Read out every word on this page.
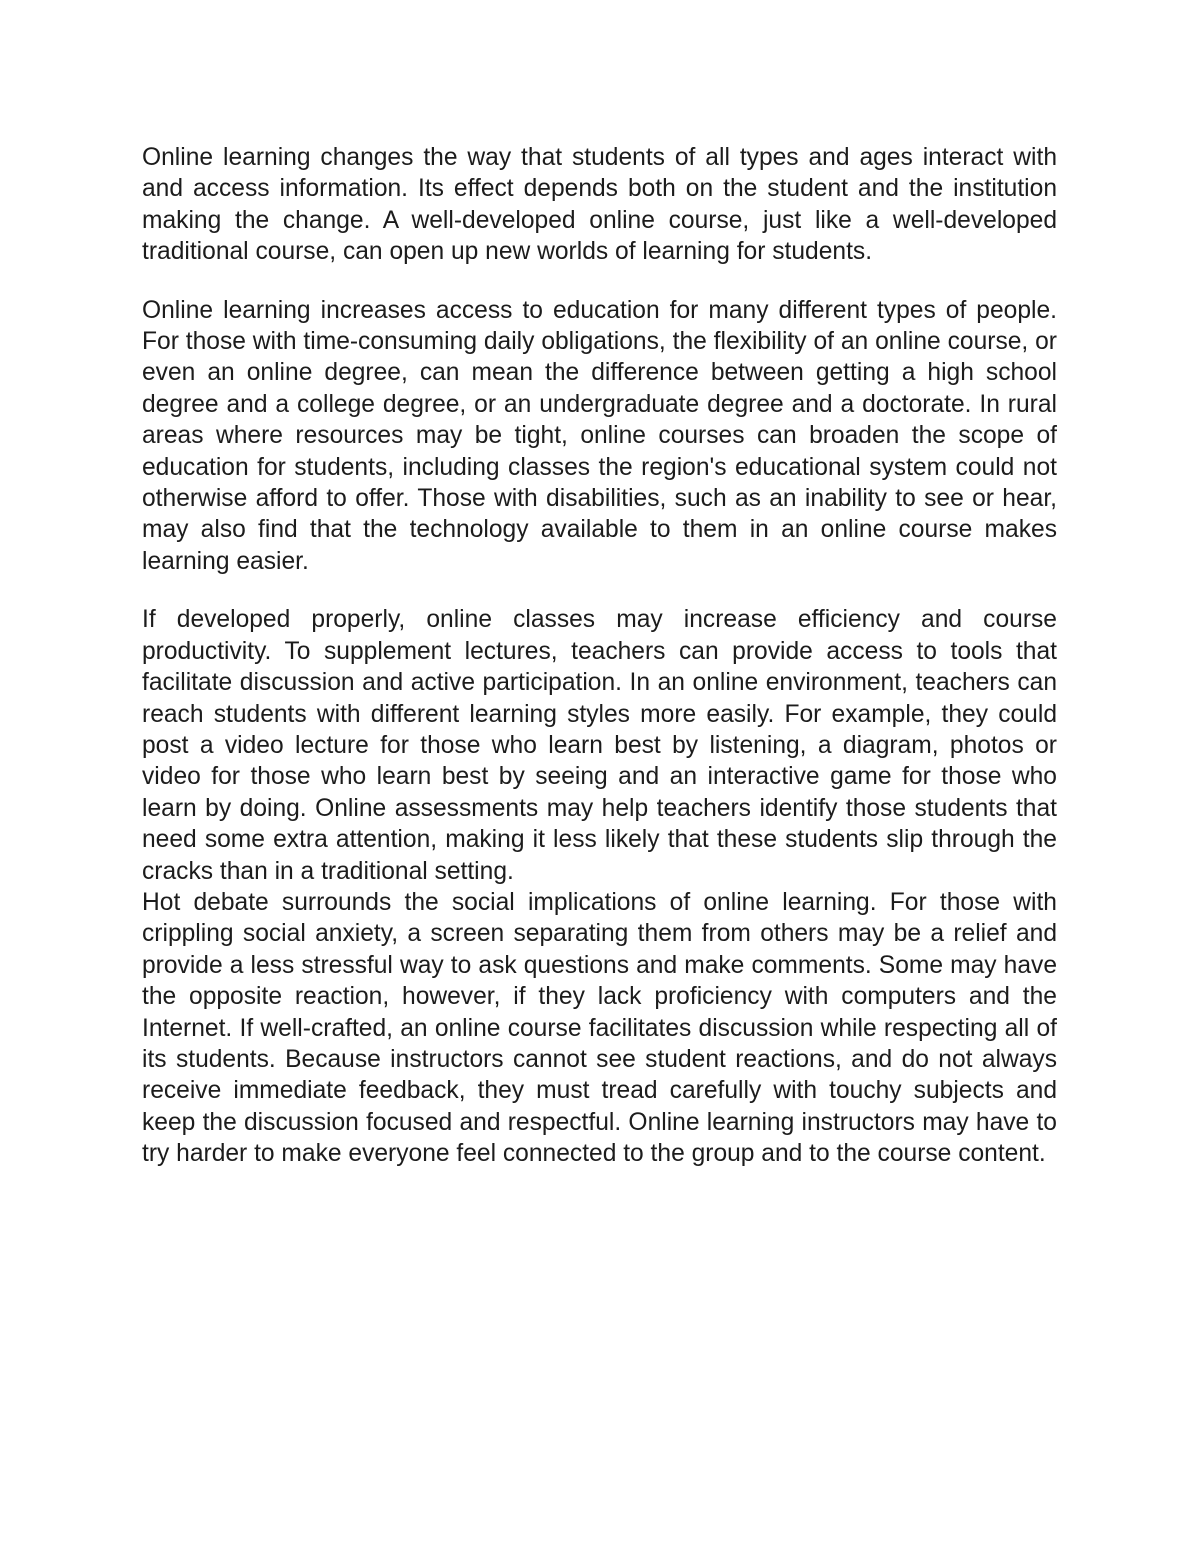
Online learning changes the way that students of all types and ages interact with and access information. Its effect depends both on the student and the institution making the change. A well-developed online course, just like a well-developed traditional course, can open up new worlds of learning for students.

Online learning increases access to education for many different types of people. For those with time-consuming daily obligations, the flexibility of an online course, or even an online degree, can mean the difference between getting a high school degree and a college degree, or an undergraduate degree and a doctorate. In rural areas where resources may be tight, online courses can broaden the scope of education for students, including classes the region's educational system could not otherwise afford to offer. Those with disabilities, such as an inability to see or hear, may also find that the technology available to them in an online course makes learning easier.

If developed properly, online classes may increase efficiency and course productivity. To supplement lectures, teachers can provide access to tools that facilitate discussion and active participation. In an online environment, teachers can reach students with different learning styles more easily. For example, they could post a video lecture for those who learn best by listening, a diagram, photos or video for those who learn best by seeing and an interactive game for those who learn by doing. Online assessments may help teachers identify those students that need some extra attention, making it less likely that these students slip through the cracks than in a traditional setting.

Hot debate surrounds the social implications of online learning. For those with crippling social anxiety, a screen separating them from others may be a relief and provide a less stressful way to ask questions and make comments. Some may have the opposite reaction, however, if they lack proficiency with computers and the Internet. If well-crafted, an online course facilitates discussion while respecting all of its students. Because instructors cannot see student reactions, and do not always receive immediate feedback, they must tread carefully with touchy subjects and keep the discussion focused and respectful. Online learning instructors may have to try harder to make everyone feel connected to the group and to the course content.
